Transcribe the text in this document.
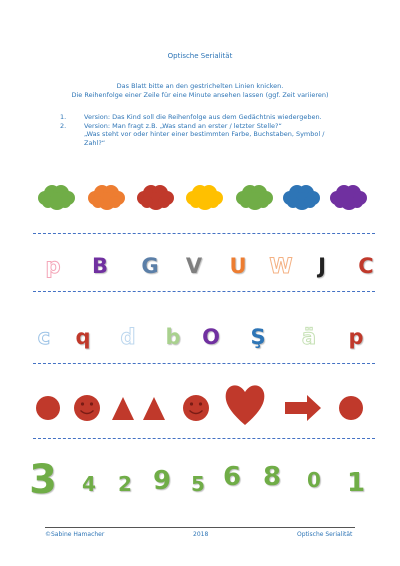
Optische Serialität
Das Blatt bitte an den gestrichelten Linien knicken.
Die Reihenfolge einer Zeile für eine Minute ansehen lassen (ggf. Zeit variieren)
1.	Version: Das Kind soll die Reihenfolge aus dem Gedächtnis wiedergeben.
2.	Version: Man fragt z.B. „Was stand an erster / letzter Stelle?“
„Was steht vor oder hinter einer bestimmten Farbe, Buchstaben, Symbol /
Zahl?“
p B G V U W J C
c q d b O Ş ä p
3 4 2 9 5 6 8 0 1
©Sabine Hamacher	2018	Optische Serialität
